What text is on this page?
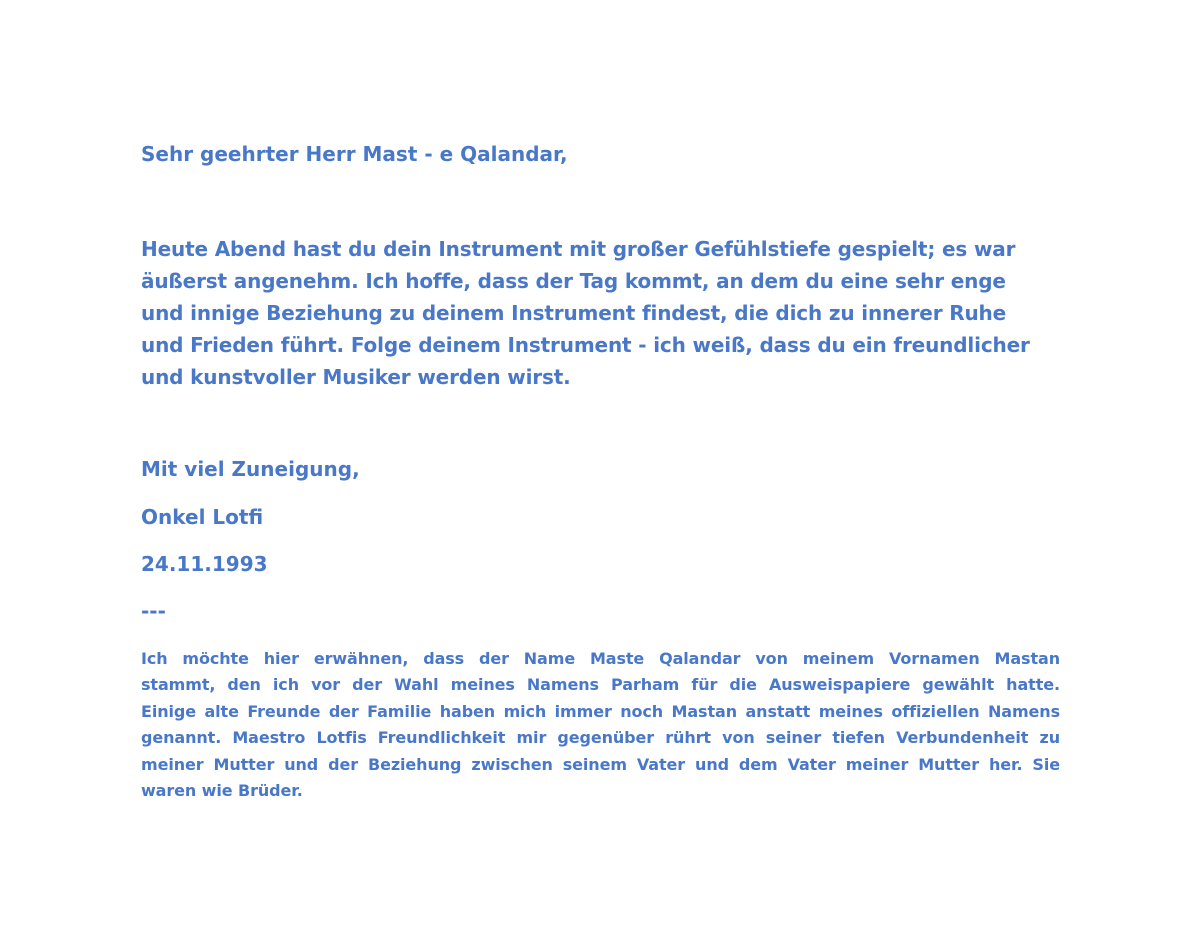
Sehr geehrter Herr Mast - e Qalandar,

Heute Abend hast du dein Instrument mit großer Gefühlstiefe gespielt; es war
äußerst angenehm. Ich hoffe, dass der Tag kommt, an dem du eine sehr enge
und innige Beziehung zu deinem Instrument findest, die dich zu innerer Ruhe
und Frieden führt. Folge deinem Instrument - ich weiß, dass du ein freundlicher
und kunstvoller Musiker werden wirst.

Mit viel Zuneigung,

Onkel Lotfi

24.11.1993

---

Ich möchte hier erwähnen, dass der Name Maste Qalandar von meinem Vornamen Mastan
stammt, den ich vor der Wahl meines Namens Parham für die Ausweispapiere gewählt hatte.
Einige alte Freunde der Familie haben mich immer noch Mastan anstatt meines offiziellen Namens
genannt. Maestro Lotfis Freundlichkeit mir gegenüber rührt von seiner tiefen Verbundenheit zu
meiner Mutter und der Beziehung zwischen seinem Vater und dem Vater meiner Mutter her. Sie
waren wie Brüder.
